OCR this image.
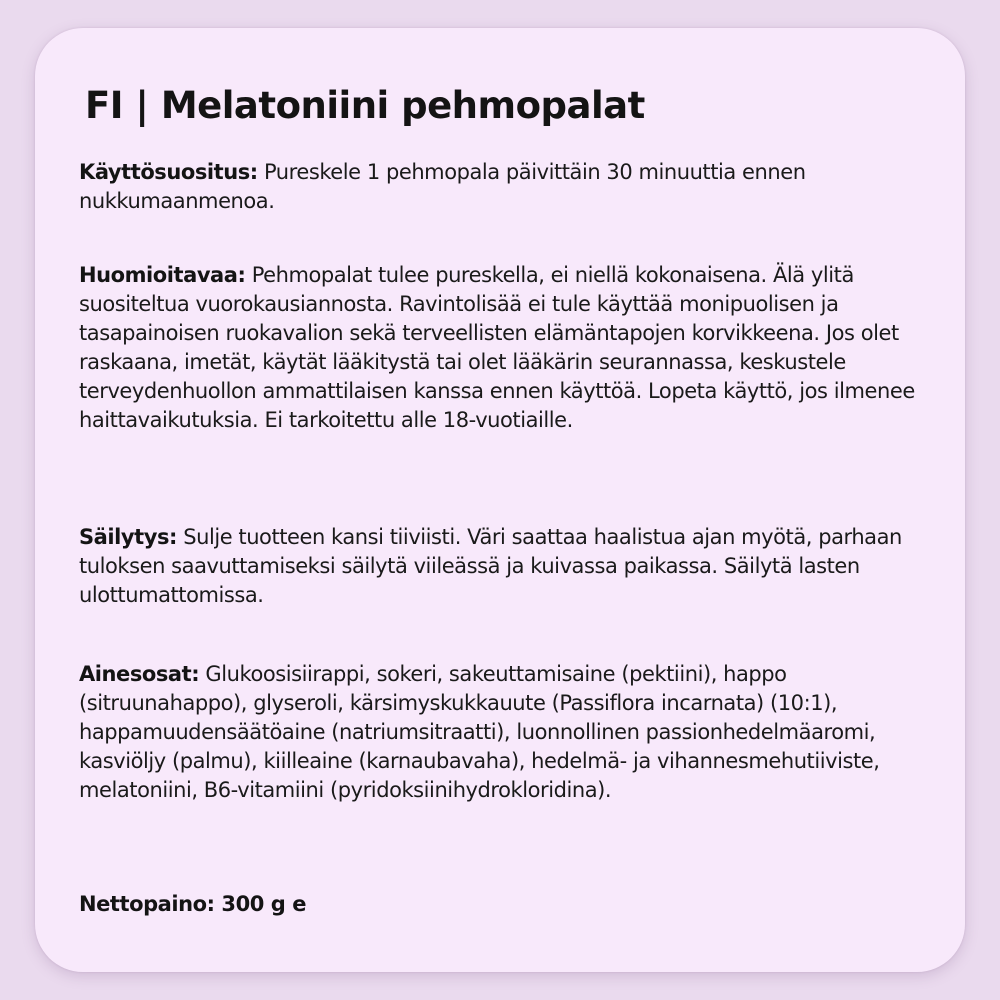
FI | Melatoniini pehmopalat

Käyttösuositus: Pureskele 1 pehmopala päivittäin 30 minuuttia ennen nukkumaanmenoa.

Huomioitavaa: Pehmopalat tulee pureskella, ei niellä kokonaisena. Älä ylitä suositeltua vuorokausiannosta. Ravintolisää ei tule käyttää monipuolisen ja tasapainoisen ruokavalion sekä terveellisten elämäntapojen korvikkeena. Jos olet raskaana, imetät, käytät lääkitystä tai olet lääkärin seurannassa, keskustele terveydenhuollon ammattilaisen kanssa ennen käyttöä. Lopeta käyttö, jos ilmenee haittavaikutuksia. Ei tarkoitettu alle 18-vuotiaille.

Säilytys: Sulje tuotteen kansi tiiviisti. Väri saattaa haalistua ajan myötä, parhaan tuloksen saavuttamiseksi säilytä viileässä ja kuivassa paikassa. Säilytä lasten ulottumattomissa.

Ainesosat: Glukoosisiirappi, sokeri, sakeuttamisaine (pektiini), happo (sitruunahappo), glyseroli, kärsimyskukkauute (Passiflora incarnata) (10:1), happamuudensäätöaine (natriumsitraatti), luonnollinen passionhedelmäaromi, kasviöljy (palmu), kiilleaine (karnaubavaha), hedelmä- ja vihannesmehutiiviste, melatoniini, B6-vitamiini (pyridoksiinihydrokloridina).

Nettopaino: 300 g e
